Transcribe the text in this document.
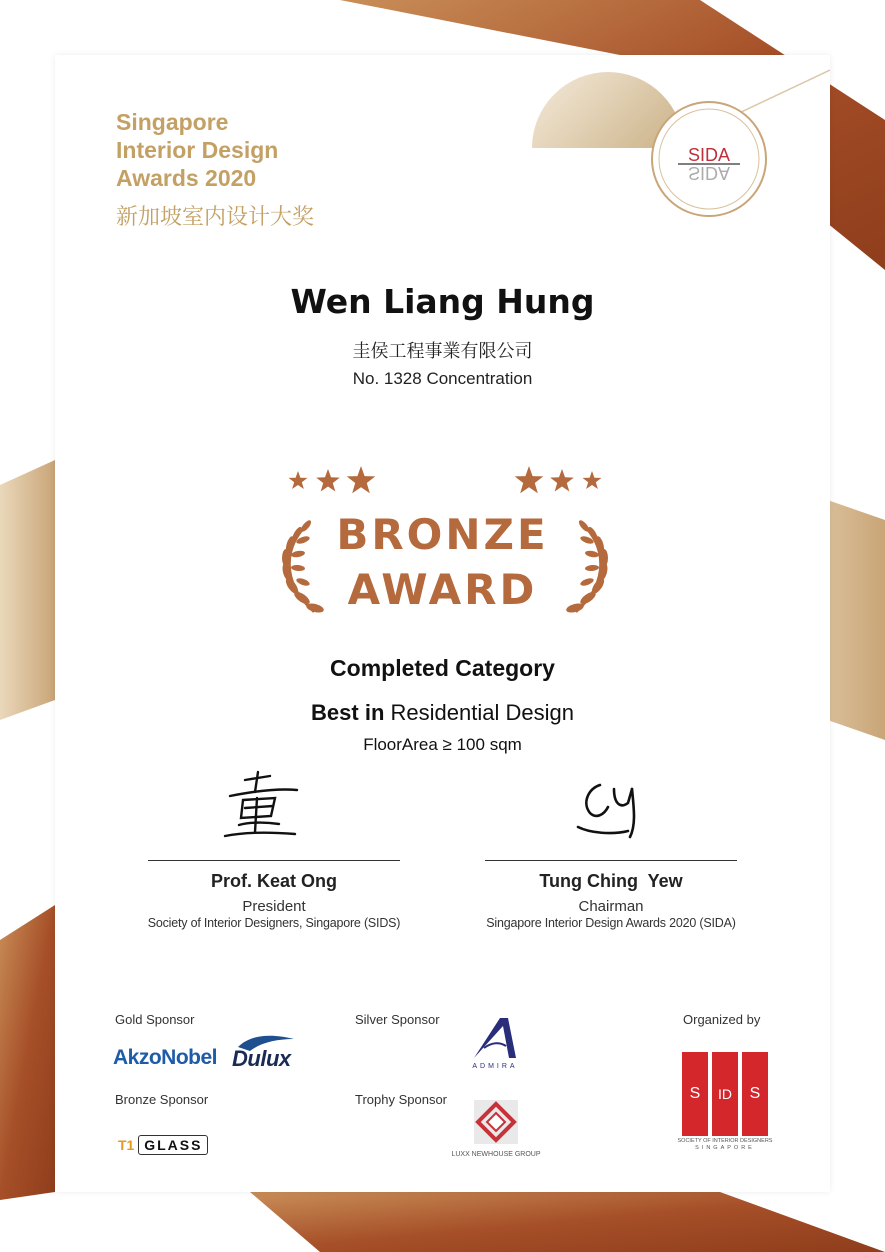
Singapore
Interior Design
Awards 2020
新加坡室内设计大奖
SIDA
SIDA
Wen Liang Hung
圭侯工程事業有限公司
No. 1328 Concentration
BRONZE
AWARD
Completed Category
Best in Residential Design
FloorArea ≥ 100 sqm
Prof. Keat Ong
President
Society of Interior Designers, Singapore (SIDS)
Tung Ching  Yew
Chairman
Singapore Interior Design Awards 2020 (SIDA)
Gold Sponsor
AkzoNobel Dulux
Silver Sponsor
ADMIRA
Bronze Sponsor
T1 GLASS
Trophy Sponsor
LUXX NEWHOUSE GROUP
Organized by
S	ID	S
SOCIETY OF INTERIOR DESIGNERS
SINGAPORE
